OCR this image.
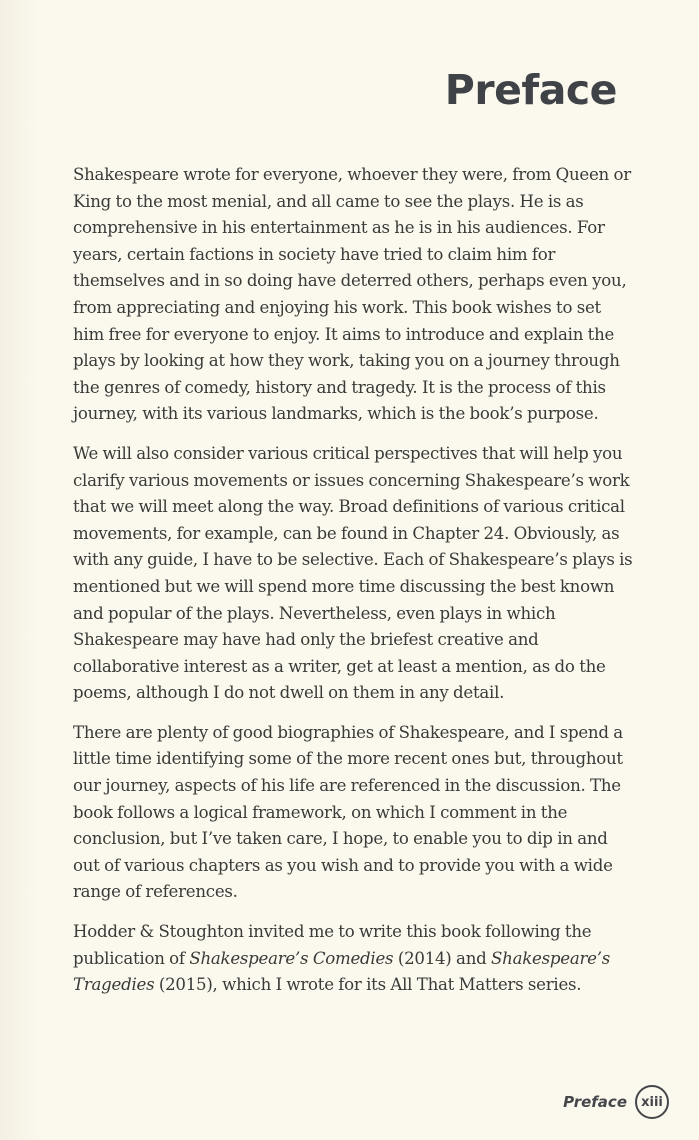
Preface

Shakespeare wrote for everyone, whoever they were, from Queen or King to the most menial, and all came to see the plays. He is as comprehensive in his entertainment as he is in his audiences. For years, certain factions in society have tried to claim him for themselves and in so doing have deterred others, perhaps even you, from appreciating and enjoying his work. This book wishes to set him free for everyone to enjoy. It aims to introduce and explain the plays by looking at how they work, taking you on a journey through the genres of comedy, history and tragedy. It is the process of this journey, with its various landmarks, which is the book’s purpose.

We will also consider various critical perspectives that will help you clarify various movements or issues concerning Shakespeare’s work that we will meet along the way. Broad definitions of various critical movements, for example, can be found in Chapter 24. Obviously, as with any guide, I have to be selective. Each of Shakespeare’s plays is mentioned but we will spend more time discussing the best known and popular of the plays. Nevertheless, even plays in which Shakespeare may have had only the briefest creative and collaborative interest as a writer, get at least a mention, as do the poems, although I do not dwell on them in any detail.

There are plenty of good biographies of Shakespeare, and I spend a little time identifying some of the more recent ones but, throughout our journey, aspects of his life are referenced in the discussion. The book follows a logical framework, on which I comment in the conclusion, but I’ve taken care, I hope, to enable you to dip in and out of various chapters as you wish and to provide you with a wide range of references.

Hodder & Stoughton invited me to write this book following the publication of Shakespeare’s Comedies (2014) and Shakespeare’s Tragedies (2015), which I wrote for its All That Matters series.

Preface	xiii
